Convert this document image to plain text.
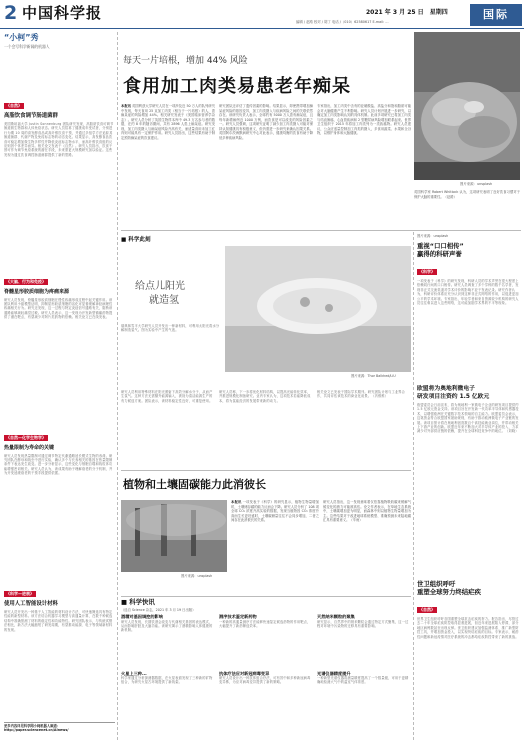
2 中国科学报	2021 年 3 月 25 日 星期四
编辑 / 赵路 校对 / 胡丁 电话 /（010）62580617 E-mail: ...
国际
“小柯”秀
一个会写科学新闻的机器人
《自然》
高脂饮食调节肠道菌群
美国斯坦福大学 Justin Sonnenburg 团队研究发现，高脂肪饮食可调节肠道微生物群和人体免疫状态。研究人员招募了健康成年受试者，分别进行为期 10 周的高发酵食品或高纤维饮食干预，并通过多组学方法追踪其肠道菌群、代谢产物及免疫标志物的动态变化。结果显示，高发酵食品饮食可稳定增加微生物多样性并降低炎症标志物水平，而高纤维饮食组的反应则因个体差异而异。相关论文发表于《自然》。研究人员指出，饮食干预可作为调节免疫系统的潜在手段，未来需更大规模研究加以验证。这些发现为通过饮食调控肠道菌群提供了新的思路。
《大脑、行为和免疫》
脊髓星形胶质细胞为疼痛来源
研究人员发现，脊髓星形胶质细胞在慢性疼痛形成过程中起关键作用。该团队利用小鼠模型证明，抑制星形胶质细胞的活化可显著缓解神经病理性疼痛相关行为。研究还发现，这一过程与特定炎症信号通路有关，阻断该通路能够减轻痛觉过敏。研究人员表示，这一发现为开发新型镇痛药物提供了潜在靶点，有望减少对阿片类药物的依赖。相关论文已在线发表。
《自然—化学生物学》
热量限制为寿命的关键
研究人员发现热量限制可通过调节特定代谢通路延长模式生物的寿命。研究团队在酵母和线虫中进行实验，确认多个与长寿相关的基因在热量限制条件下表达发生改变。进一步分析显示，这些变化与细胞自噬和线粒体功能增强密切相关。研究人员认为，该成果有助于理解衰老的分子机制，并为开发延缓衰老的干预手段提供依据。
《科学—进展》
使用人工智能设计材料
研究人员开发出一种基于人工智能的材料设计方法，可快速筛选具有特定性能的新型材料。该方法结合机器学习模型与高通量计算，在数千种候选结构中准确预测了材料的稳定性和功能特性。研究团队表示，与传统试错法相比，新方法大幅缩短了研发周期，有望推动能源、电子等领域新材料的发现。
更多内容详见科学网小柯机器人频道：http://paper.sciencenet.cn/AInews/
每天一片培根，增加 44% 风险
食用加工肉类易患老年痴呆
本报讯 英国利兹大学研究人员在一项涉及近 50 万人的队列研究中发现，每天食用 25 克加工肉类（相当于一片培根）的人，患痴呆症的风险增加 44%。相关研究发表于《美国临床营养学杂志》。研究人员分析了英国生物样本库中 49.3 万名参与者的数据，在约 8 年的随访期间，共有 2896 人患上痴呆症。研究发现，加工肉类摄入与痴呆症风险升高有关，而适量食用未加工红肉则可能具有一定保护作用。研究人员指出，这些结果有助于制定预防痴呆症的饮食建议。
研究团队还评估了遗传因素的影响。结果显示，即使携带增加痴呆症风险的基因变异，加工肉类摄入与疾病风险之间的关联依然存在。该研究负责人表示，全球约有 5000 万人患有痴呆症，且每年新增病例近 1000 万例，而饮食是可以改变的风险因素之一。研究人员强调，这项研究证明了减少加工肉类摄入可能对保持认知健康具有积极意义，但仍需进一步研究来确认因果关系。英国阿尔茨海默病研究中心对此表示，健康均衡的饮食有助于降低多种疾病风险。
专家指出，加工肉类中含有的亚硝酸盐、高盐分和饱和脂肪可能会对大脑健康产生不利影响。研究人员计划开展进一步研究，以确定加工肉类影响认知的具体机制。此前多项研究已将加工肉类与结直肠癌、心血管疾病和 2 型糖尿病风险增加联系起来。世界卫生组织于 2015 年将加工肉类列为一类致癌物。研究人员建议，公众应适量控制加工肉类的摄入，多食用蔬菜、水果和全谷物，以维护身体和大脑健康。
图片来源：unsplash
英国科学家 Robert Whitlock 认为，这项研究表明了良好饮食习惯对于保护大脑的重要性。（赵路）
■ 科学此刻
给点儿阳光
就造氢
图片来源：Thor Balkhed/LiU
瑞典林雪平大学研究人员开发出一种新材料，可利用太阳光将水分解制造氢气。图为实验中产生的气泡。
研究人员利用特殊材料在阳光照射下高效分解水分子，从而产生氢气。这种方法无需额外能源输入，被视为清洁能源生产的有力候选方案。团队表示，该材料稳定性良好，可重复使用。
研究人员称，下一步将优化材料结构，以提高光能转化效率，并推进规模化制备研究。业内专家认为，这项技术若能降低成本，将为氢能经济的发展带来新的动力。
相关论文已发表于国际学术期刊。研究团队计划与工业界合作，共同评估该技术的商业化前景。（冯维维）
植物和土壤固碳能力此消彼长
图片来源：unsplash
本报讯 一项发表于《科学》的研究显示，植物生物量增加时，土壤储存碳的能力反而会下降。研究人员分析了 108 项全球 CO₂ 浓度升高实验的数据，发现当植物因 CO₂ 浓度升高而生长更旺盛时，土壤碳储量往往不会同步增加，二者之间存在此消彼长的关系。
研究人员指出，这一发现意味着仅依靠植物吸收碳来缓解气候变化的潜力可能被高估。论文作者表示，在草地生态系统中，土壤碳增加更为明显，而森林中则以植物生物量增加为主。这些结果对于改进地球系统模型、准确预测未来陆地碳汇具有重要意义。（辛雨）
■ 科学快讯
（选自 Science 杂志，2021 年 3 月 19 日出版）
酒精对基因调控的影响
研究人员发现，长期饮酒会改变与代谢相关基因的表达模式，从而影响肝脏及大脑功能。该研究揭示了酒精影响人体健康的新机制。
火星上三种...
科学家通过分析探测器数据，在火星表面发现了三种新的矿物组合，为研究火星古环境提供了新线索。
测序技术鉴定新药物
一种新的高通量测序方法能够快速鉴定候选药物的作用靶点，大幅提升了新药筛选效率。
抗体疗法应对新冠病毒变异
研究人员设计出一种抗体组合疗法，可有效中和多种新冠病毒变异株，为应对病毒变异提供了新的策略。
天然纳米颗粒的聚集
研究显示，自然界中的纳米颗粒会通过特定方式聚集，这一过程对环境中污染物的迁移具有重要影响。
光谱仪器精度提升
一种新型光谱仪器将测量精度提高了一个数量级，可用于更精确地检测大气中的温室气体浓度。
图片来源：unsplash
重视“口口相传”
赢得的科研声誉
《科学》
一项发表于《科学》的研究发现，科研人员的学术声誉在很大程度上依赖同行间的口口相传。研究人员调查了多个学科的数千名学者，发现非正式交流渠道对学术评价的影响不亚于发表记录。研究作者认为，科研评价体系应充分认识到这种非正式网络的作用，以促进更加公平的学术环境。专家指出，年轻学者和来自资源较少机构的研究人员往往难以进入这些网络，这可能加剧学术界的不平等现象。
欧盟将为奥地利微电子
研发项目注资约 1.5 亿欧元
欧盟委员会日前宣布，将为奥地利一家微电子企业的研发项目提供约 1.5 亿欧元资金支持。该项目旨在开发新一代功率半导体和传感器技术，以增强欧洲在关键数字技术领域的自主能力。欧盟委员会表示，这笔资金符合欧盟国家援助规则，有助于推动欧洲微电子产业链的发展。该项目预计将在奥地利创造数百个高技能就业岗位，并带动相关上下游产业的创新。欧盟近年来不断加大对半导体产业的投入，力求减少对外部供应链的依赖，提升在全球科技竞争中的地位。（刘晓）
世卫组织呼吁
重塑全球努力终结疟疾
《自然》
世界卫生组织呼吁各国重塑全球抗击疟疾的努力。报告指出，尽管过去二十年全球疟疾防控取得显著进展，但近年来进展陷入停滞，部分地区病例数甚至出现反弹。世卫组织建议加强监测体系、推广新型防控工具，并增加资金投入，以实现终结疟疾的目标。专家表示，耐药性问题和新冠疫情对医疗系统的冲击都给疟疾防控带来了新的挑战。
